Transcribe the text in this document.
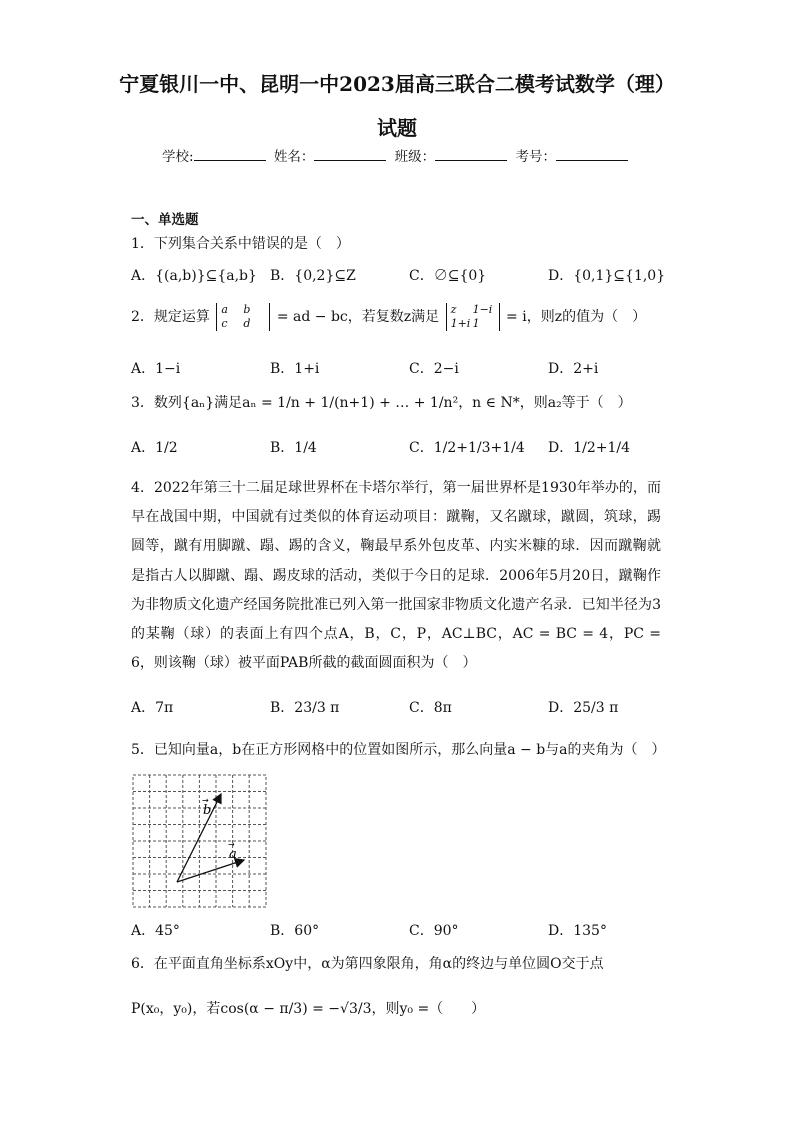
宁夏银川一中、昆明一中2023届高三联合二模考试数学（理）
试题
学校:	姓名：	班级：	考号：
一、单选题
1．下列集合关系中错误的是（　）
A．{(a,b)}⊆{a,b} B．{0,2}⊆Z	C．∅⊆{0}	D．{0,1}⊆{1,0}
2．规定运算 a b
c d = ad − bc，若复数z满足 z 1−i
1+i 1 = i，则z的值为（　）
A．1−i	B．1+i	C．2−i	D．2+i
3．数列{aₙ}满足aₙ = 1/n + 1/(n+1) + … + 1/n²，n ∈ N*，则a₂等于（　）
A．1/2	B．1/4	C．1/2+1/3+1/4 D．1/2+1/4
4．2022年第三十二届足球世界杯在卡塔尔举行，第一届世界杯是1930年举办的，而早在战国中期，中国就有过类似的体育运动项目：蹴鞠，又名蹴球，蹴圆，筑球，踢圆等，蹴有用脚蹴、蹋、踢的含义，鞠最早系外包皮革、内实米糠的球．因而蹴鞠就是指古人以脚蹴、蹋、踢皮球的活动，类似于今日的足球．2006年5月20日，蹴鞠作为非物质文化遗产经国务院批准已列入第一批国家非物质文化遗产名录．已知半径为3的某鞠（球）的表面上有四个点A，B，C，P，AC⊥BC，AC = BC = 4，PC = 6，则该鞠（球）被平面PAB所截的截面圆面积为（　）
A．7π	B．23/3 π	C．8π	D．25/3 π
5．已知向量a，b在正方形网格中的位置如图所示，那么向量a − b与a的夹角为（　）
b
a
→
→
A．45°	B．60°	C．90°	D．135°
6．在平面直角坐标系xOy中，α为第四象限角，角α的终边与单位圆O交于点
P(x₀，y₀)，若cos(α − π/3) = −√3/3，则y₀ =（　　）
